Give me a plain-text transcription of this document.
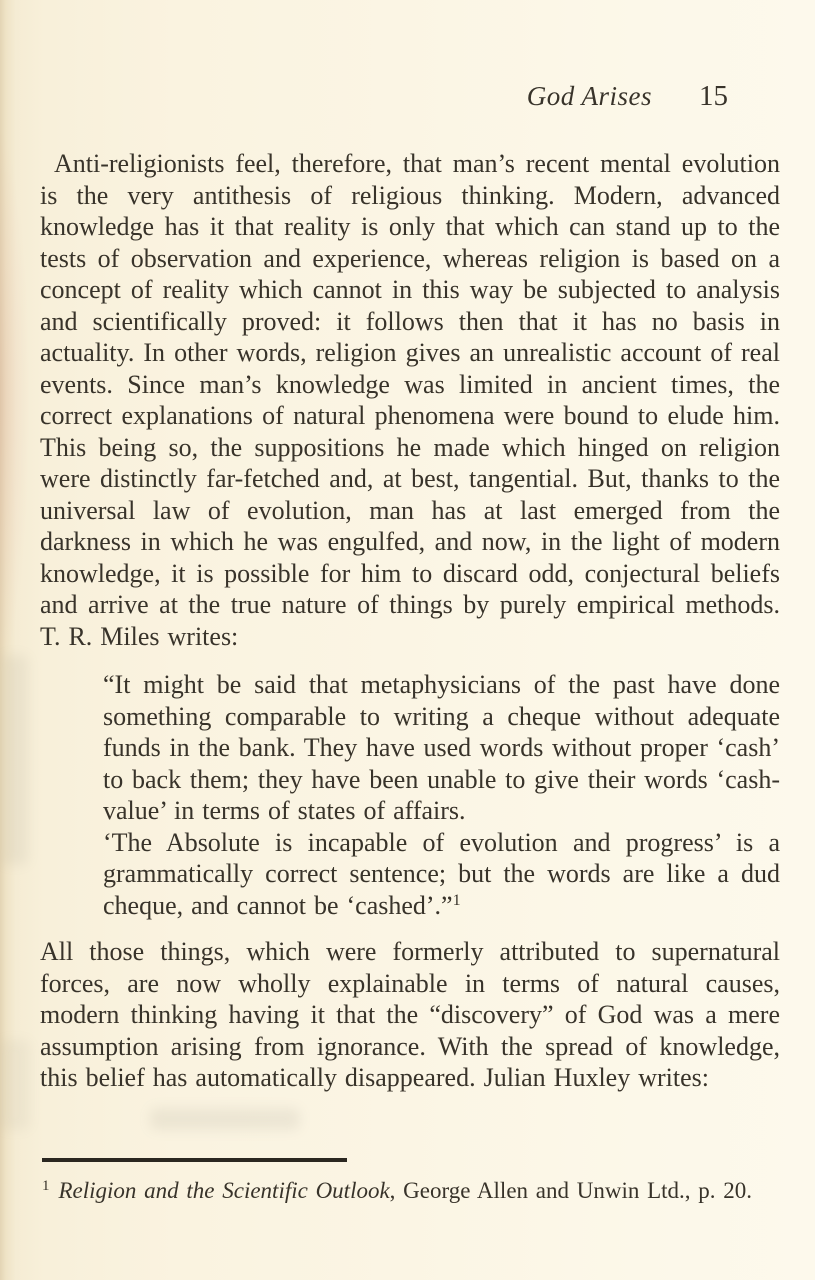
God Arises 15

Anti-religionists feel, therefore, that man’s recent mental evolution is the very antithesis of religious thinking. Modern, advanced knowledge has it that reality is only that which can stand up to the tests of observation and experience, whereas religion is based on a concept of reality which cannot in this way be subjected to analysis and scientifically proved: it follows then that it has no basis in actuality. In other words, religion gives an unrealistic account of real events. Since man’s knowledge was limited in ancient times, the correct explanations of natural phenomena were bound to elude him. This being so, the suppositions he made which hinged on religion were distinctly far-fetched and, at best, tangential. But, thanks to the universal law of evolution, man has at last emerged from the darkness in which he was engulfed, and now, in the light of modern knowledge, it is possible for him to discard odd, conjectural beliefs and arrive at the true nature of things by purely empirical methods. T. R. Miles writes:

“It might be said that metaphysicians of the past have done something comparable to writing a cheque without adequate funds in the bank. They have used words without proper ‘cash’ to back them; they have been unable to give their words ‘cash-value’ in terms of states of affairs.

‘The Absolute is incapable of evolution and progress’ is a grammatically correct sentence; but the words are like a dud cheque, and cannot be ‘cashed’.”$^1$

All those things, which were formerly attributed to supernatural forces, are now wholly explainable in terms of natural causes, modern thinking having it that the “discovery” of God was a mere assumption arising from ignorance. With the spread of knowledge, this belief has automatically disappeared. Julian Huxley writes:

$^1$ Religion and the Scientific Outlook, George Allen and Unwin Ltd., p. 20.
